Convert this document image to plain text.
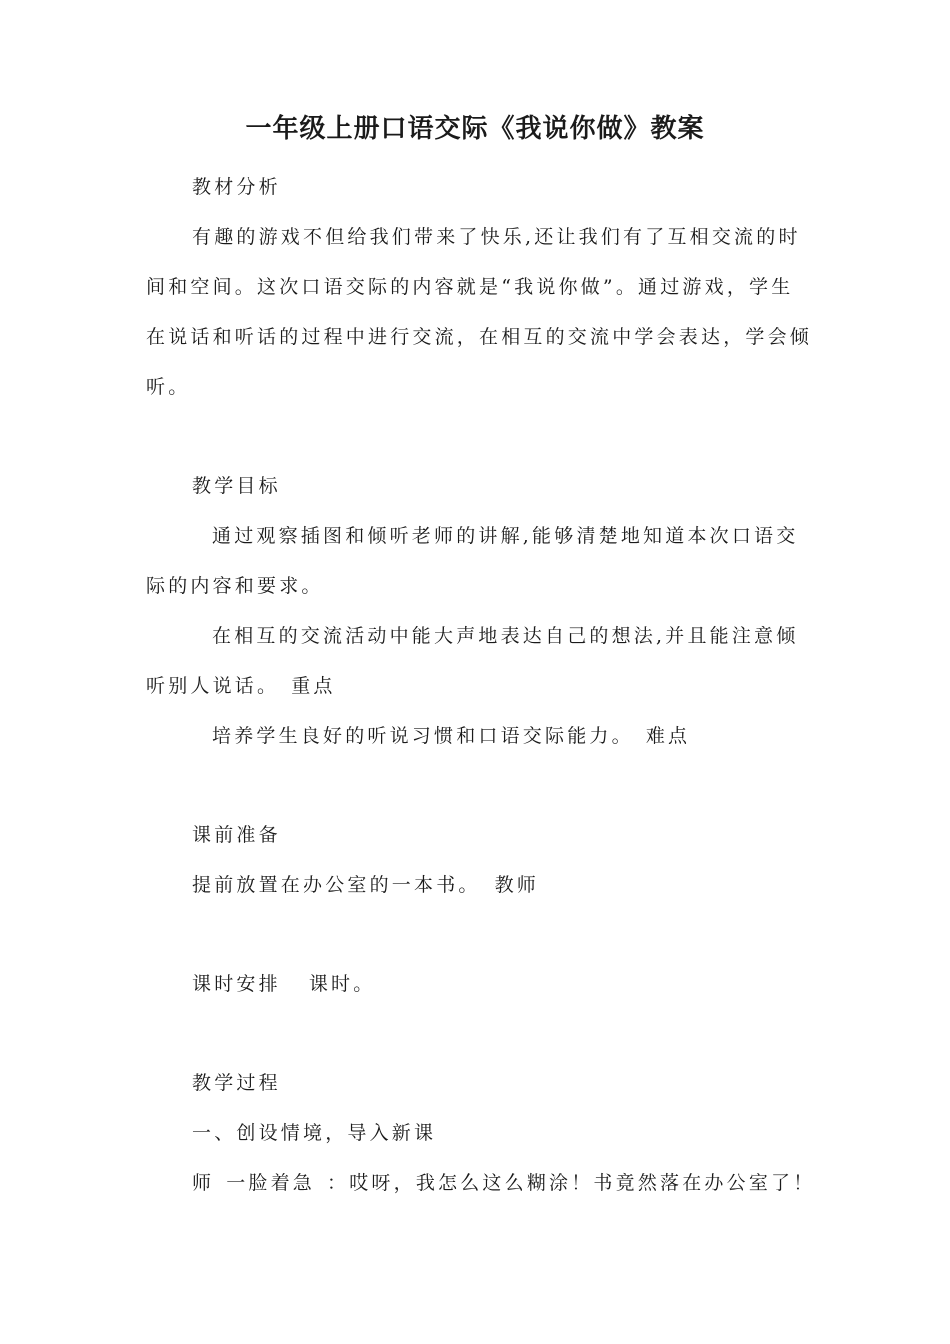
一年级上册口语交际《我说你做》教案

教材分析

有趣的游戏不但给我们带来了快乐,还让我们有了互相交流的时

间和空间。这次口语交际的内容就是“我说你做”。通过游戏，学生

在说话和听话的过程中进行交流，在相互的交流中学会表达，学会倾

听。

教学目标

通过观察插图和倾听老师的讲解,能够清楚地知道本次口语交

际的内容和要求。

在相互的交流活动中能大声地表达自己的想法,并且能注意倾

听别人说话。 重点

培养学生良好的听说习惯和口语交际能力。 难点

课前准备

提前放置在办公室的一本书。 教师

课时安排 课时。

教学过程

一、创设情境，导入新课

师 一脸着急 ：哎呀，我怎么这么糊涂！书竟然落在办公室了！
